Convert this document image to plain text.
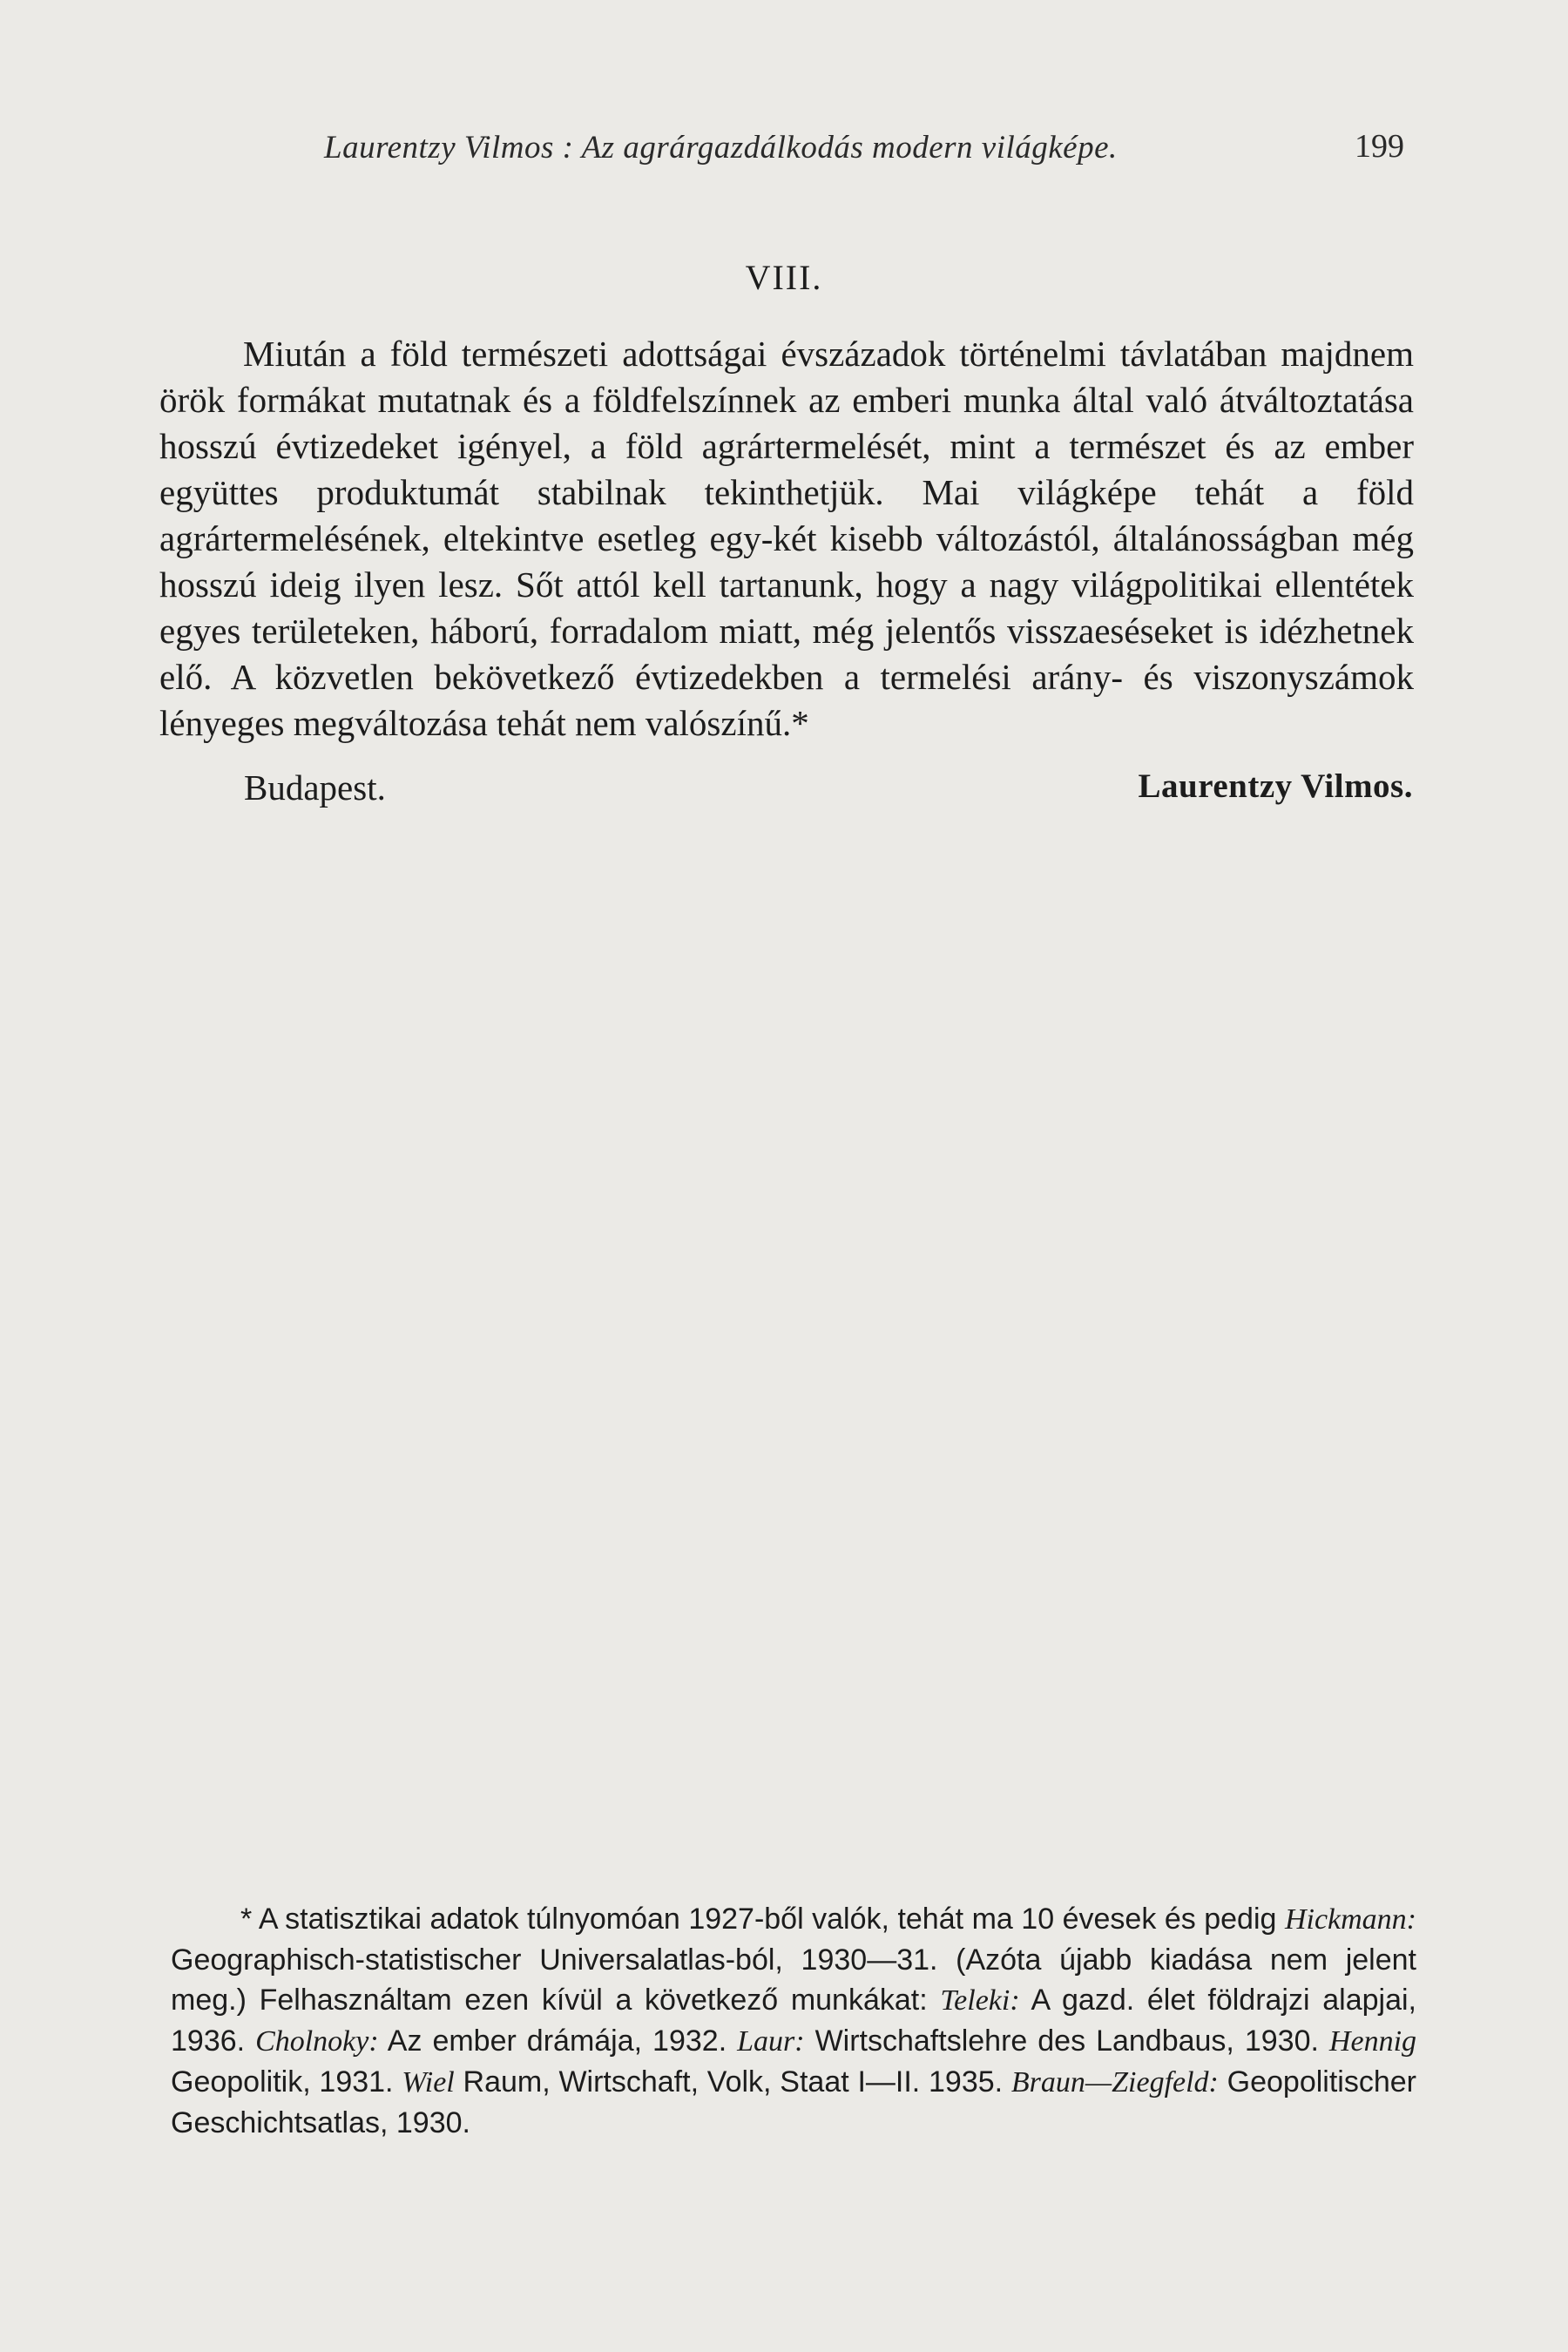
Laurentzy Vilmos : Az agrárgazdálkodás modern világképe.	199
VIII.

Miután a föld természeti adottságai évszázadok történelmi távlatában majdnem örök formákat mutatnak és a földfelszínnek az emberi munka által való átváltoztatása hosszú évtizedeket igényel, a föld agrártermelését, mint a természet és az ember együttes produktumát stabilnak tekinthetjük. Mai világképe tehát a föld agrártermelésének, eltekintve esetleg egy-két kisebb változástól, általánosságban még hosszú ideig ilyen lesz. Sőt attól kell tartanunk, hogy a nagy világpolitikai ellentétek egyes területeken, háború, forradalom miatt, még jelentős visszaeséseket is idézhetnek elő. A közvetlen bekövetkező évtizedekben a termelési arány- és viszonyszámok lényeges megváltozása tehát nem valószínű.*

Budapest.	Laurentzy Vilmos.

* A statisztikai adatok túlnyomóan 1927-ből valók, tehát ma 10 évesek és pedig Hickmann: Geographisch-statistischer Universalatlas-ból, 1930—31. (Azóta újabb kiadása nem jelent meg.) Felhasználtam ezen kívül a következő munkákat: Teleki: A gazd. élet földrajzi alapjai, 1936. Cholnoky: Az ember drámája, 1932. Laur: Wirtschaftslehre des Landbaus, 1930. Hennig Geopolitik, 1931. Wiel Raum, Wirtschaft, Volk, Staat I—II. 1935. Braun—Ziegfeld: Geopolitischer Geschichtsatlas, 1930.
